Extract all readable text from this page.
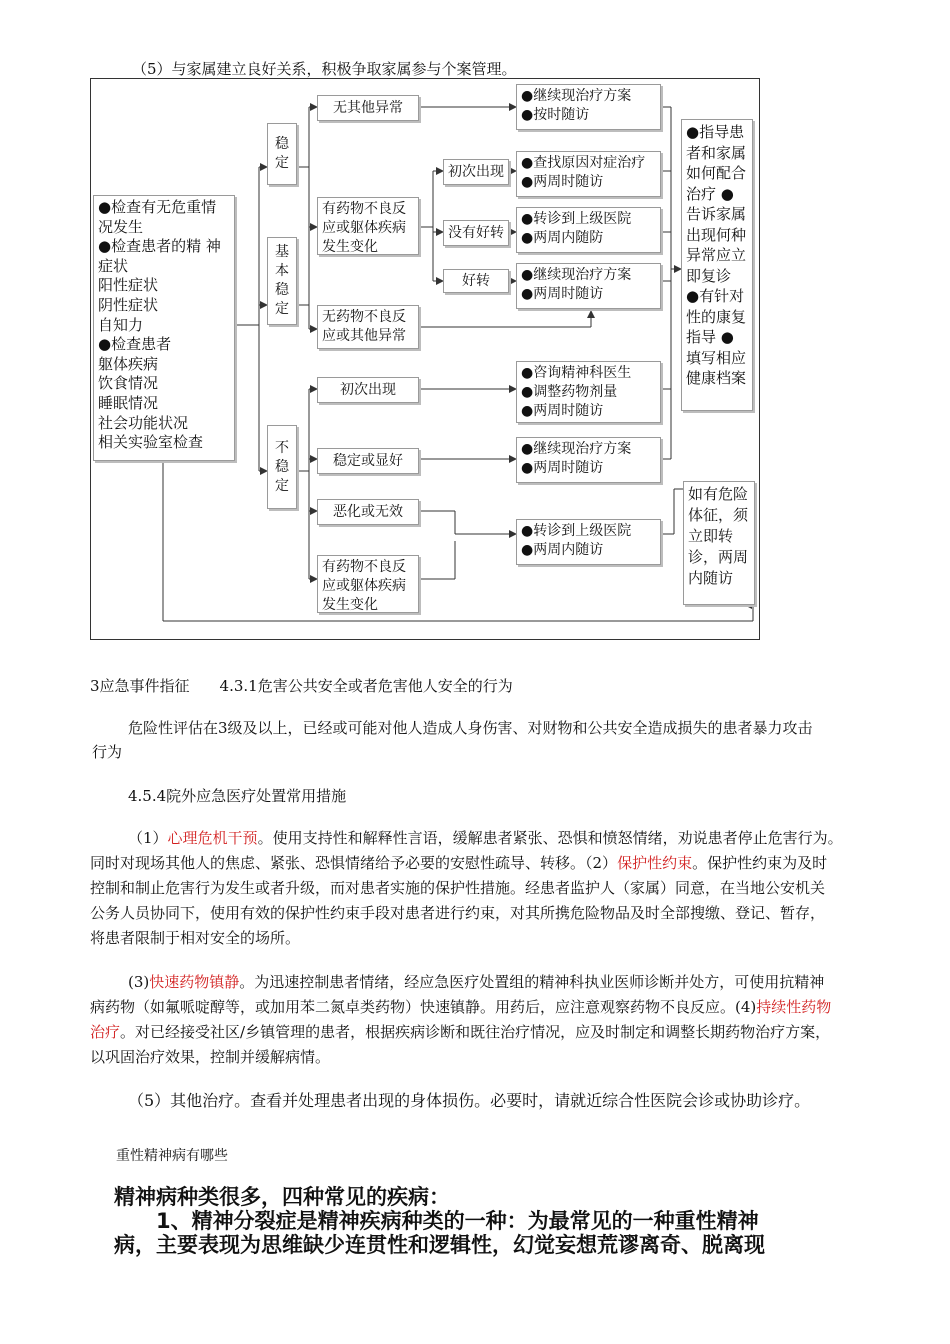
（5）与家属建立良好关系，积极争取家属参与个案管理。
●检查有无危重情况发生
●检查患者的精 神症状
阳性症状
阴性症状
自知力
●检查患者
躯体疾病
饮食情况
睡眠情况
社会功能状况
相关实验室检查
稳
定
基
本
稳
定
不
稳
定
无其他异常
有药物不良反应或躯体疾病发生变化
无药物不良反应或其他异常
初次出现
没有好转
好转
初次出现
稳定或显好
恶化或无效
有药物不良反应或躯体疾病发生变化
●继续现治疗方案
●按时随访
●查找原因对症治疗
●两周时随访
●转诊到上级医院
●两周内随防
●继续现治疗方案
●两周时随访
●咨询精神科医生
●调整药物剂量
●两周时随访
●继续现治疗方案
●两周时随访
●转诊到上级医院
●两周内随访
●指导患者和家属如何配合治疗 ●告诉家属出现何种异常应立即复诊 ●有针对性的康复指导 ●填写相应健康档案
如有危险体征，须立即转诊，两周内随访
3应急事件指征　　4.3.1危害公共安全或者危害他人安全的行为
危险性评估在3级及以上，已经或可能对他人造成人身伤害、对财物和公共安全造成损失的患者暴力攻击
行为
4.5.4院外应急医疗处置常用措施
（1）心理危机干预。使用支持性和解释性言语，缓解患者紧张、恐惧和愤怒情绪，劝说患者停止危害行为。
同时对现场其他人的焦虑、紧张、恐惧情绪给予必要的安慰性疏导、转移。（2）保护性约束。保护性约束为及时
控制和制止危害行为发生或者升级，而对患者实施的保护性措施。经患者监护人（家属）同意，在当地公安机关
公务人员协同下，使用有效的保护性约束手段对患者进行约束，对其所携危险物品及时全部搜缴、登记、暂存，
将患者限制于相对安全的场所。
(3)快速药物镇静。为迅速控制患者情绪，经应急医疗处置组的精神科执业医师诊断并处方，可使用抗精神
病药物（如氟哌啶醇等，或加用苯二氮卓类药物）快速镇静。用药后，应注意观察药物不良反应。(4)持续性药物
治疗。对已经接受社区/乡镇管理的患者，根据疾病诊断和既往治疗情况，应及时制定和调整长期药物治疗方案，
以巩固治疗效果，控制并缓解病情。
（5）其他治疗。查看并处理患者出现的身体损伤。必要时，请就近综合性医院会诊或协助诊疗。
重性精神病有哪些
精神病种类很多，四种常见的疾病：
　　1、精神分裂症是精神疾病种类的一种：为最常见的一种重性精神
病，主要表现为思维缺少连贯性和逻辑性，幻觉妄想荒谬离奇、脱离现
